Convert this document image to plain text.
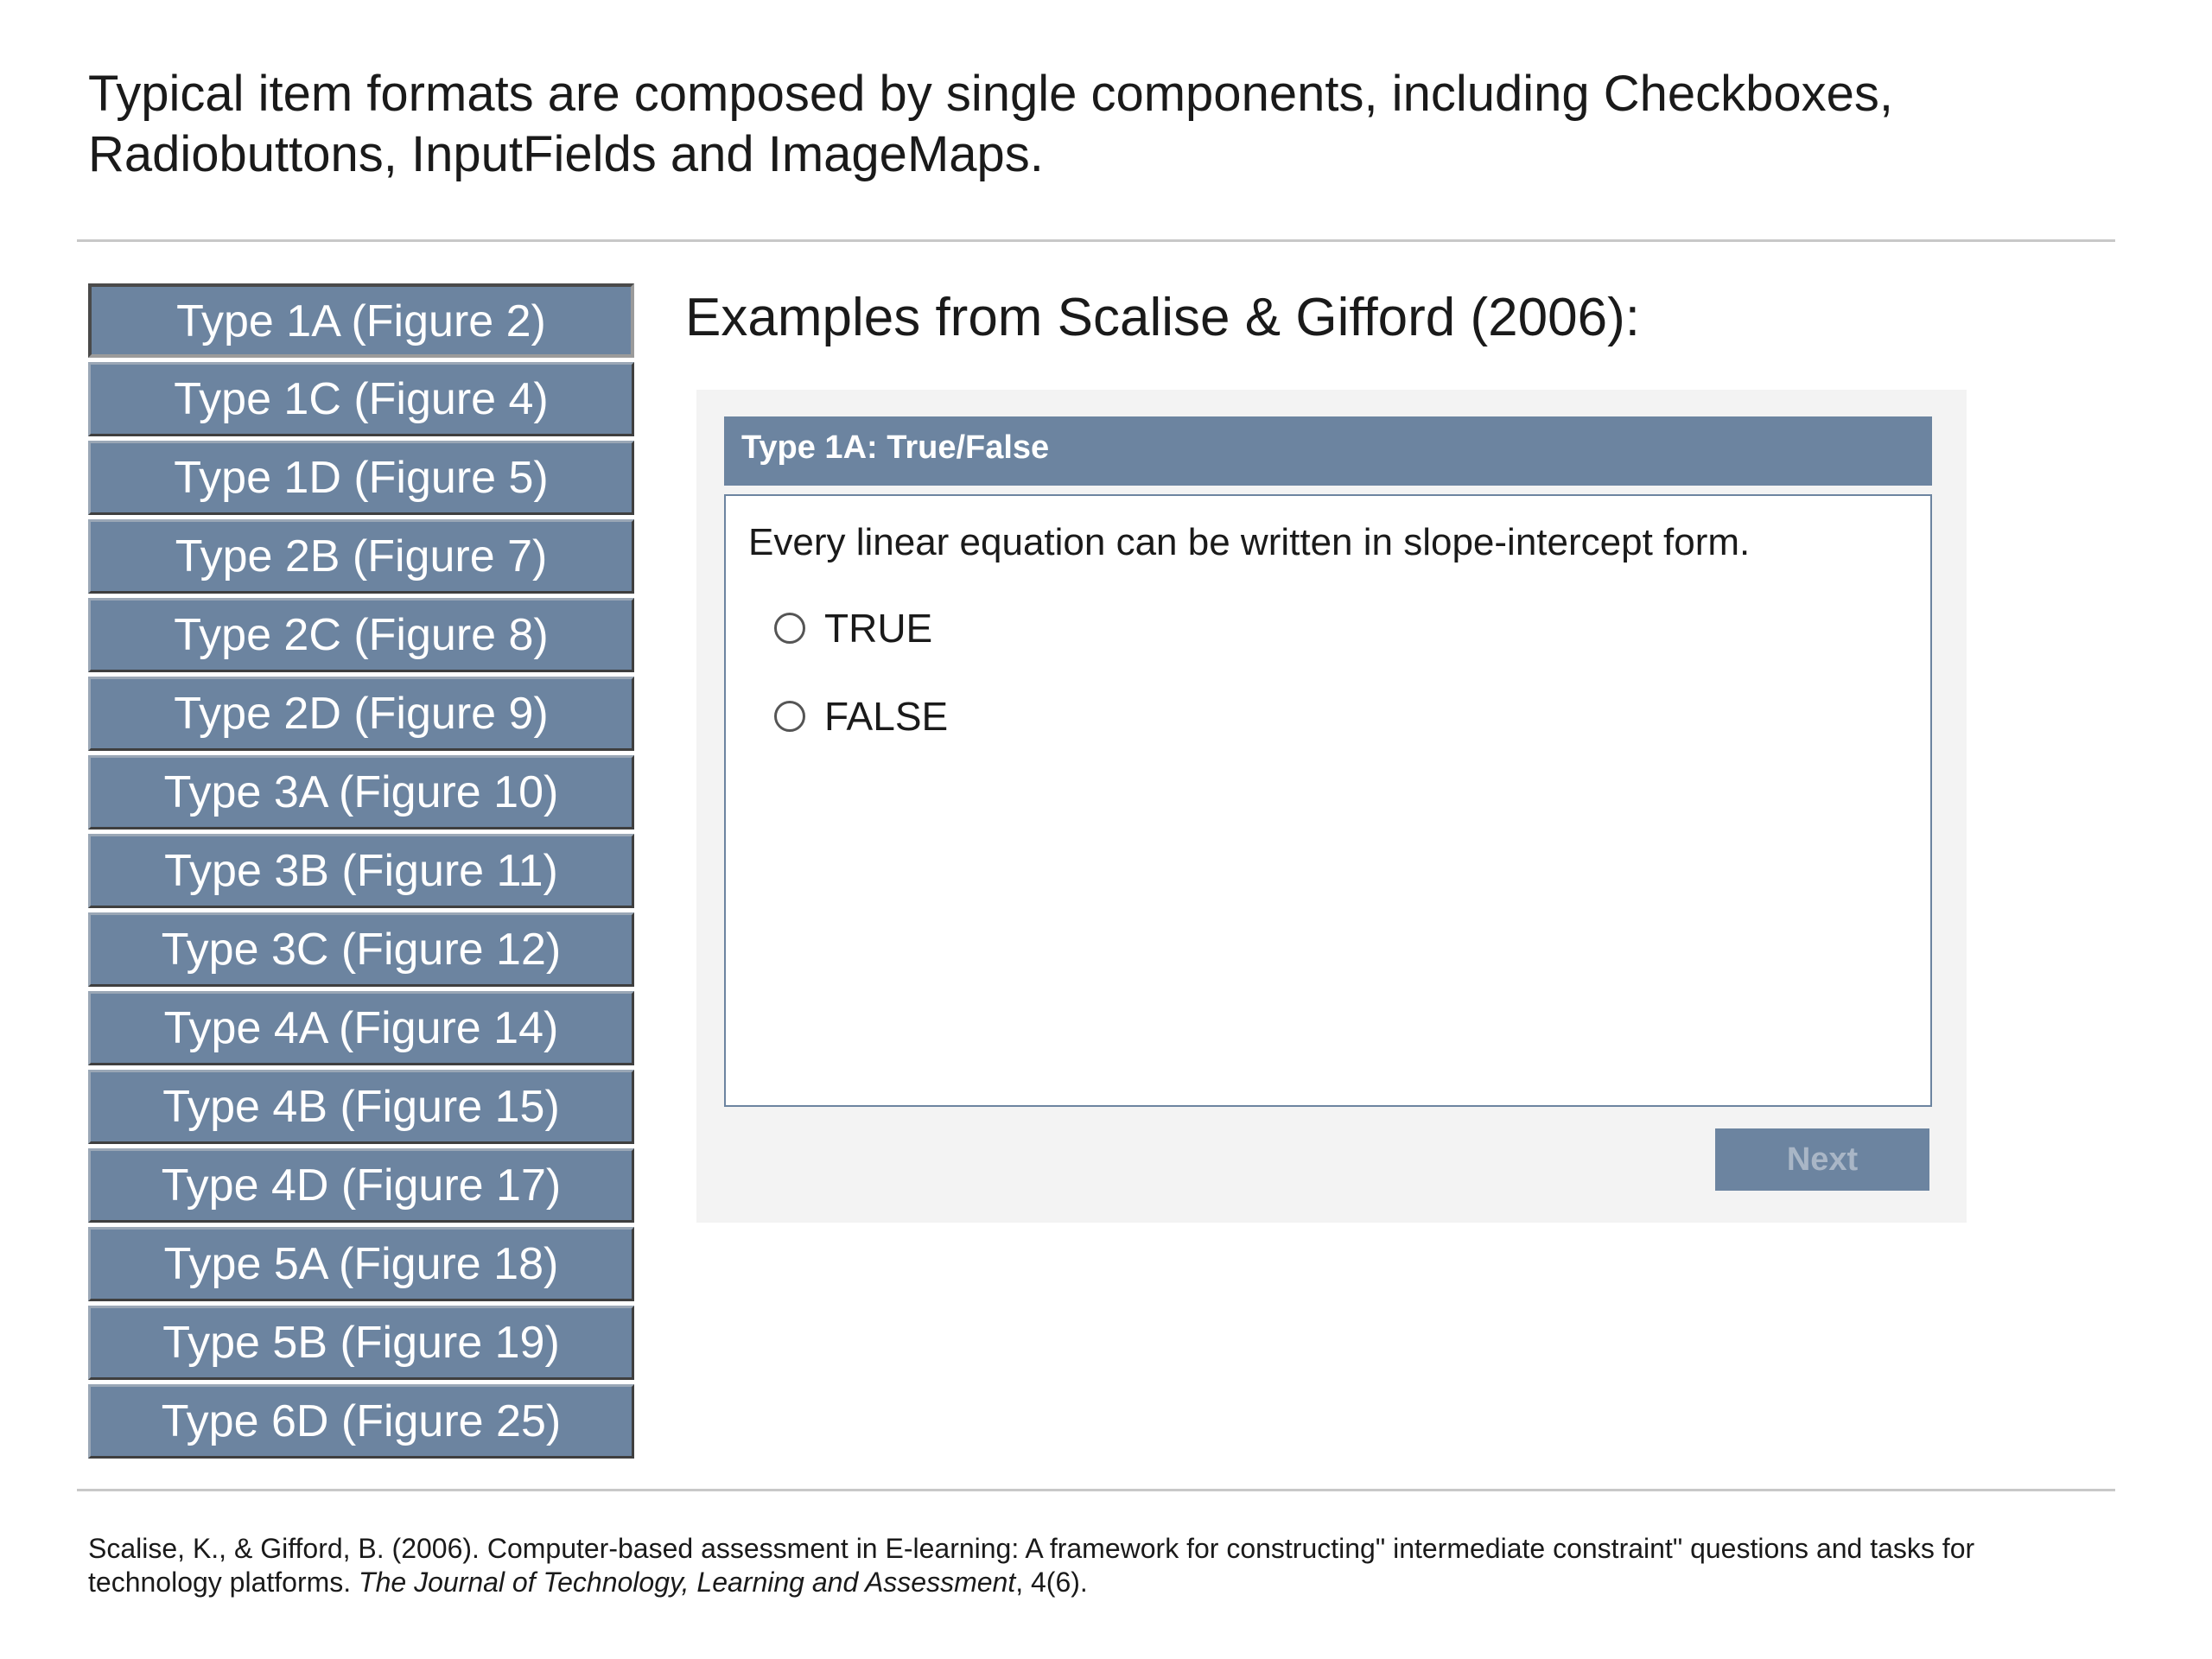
Typical item formats are composed by single components, including Checkboxes, Radiobuttons, InputFields and ImageMaps.

Type 1A (Figure 2)
Type 1C (Figure 4)
Type 1D (Figure 5)
Type 2B (Figure 7)
Type 2C (Figure 8)
Type 2D (Figure 9)
Type 3A (Figure 10)
Type 3B (Figure 11)
Type 3C (Figure 12)
Type 4A (Figure 14)
Type 4B (Figure 15)
Type 4D (Figure 17)
Type 5A (Figure 18)
Type 5B (Figure 19)
Type 6D (Figure 25)
Examples from Scalise & Gifford (2006):
Type 1A: True/False

Every linear equation can be written in slope-intercept form.

TRUE
FALSE
Next

Scalise, K., & Gifford, B. (2006). Computer-based assessment in E-learning: A framework for constructing" intermediate constraint" questions and tasks for technology platforms. The Journal of Technology, Learning and Assessment, 4(6).
